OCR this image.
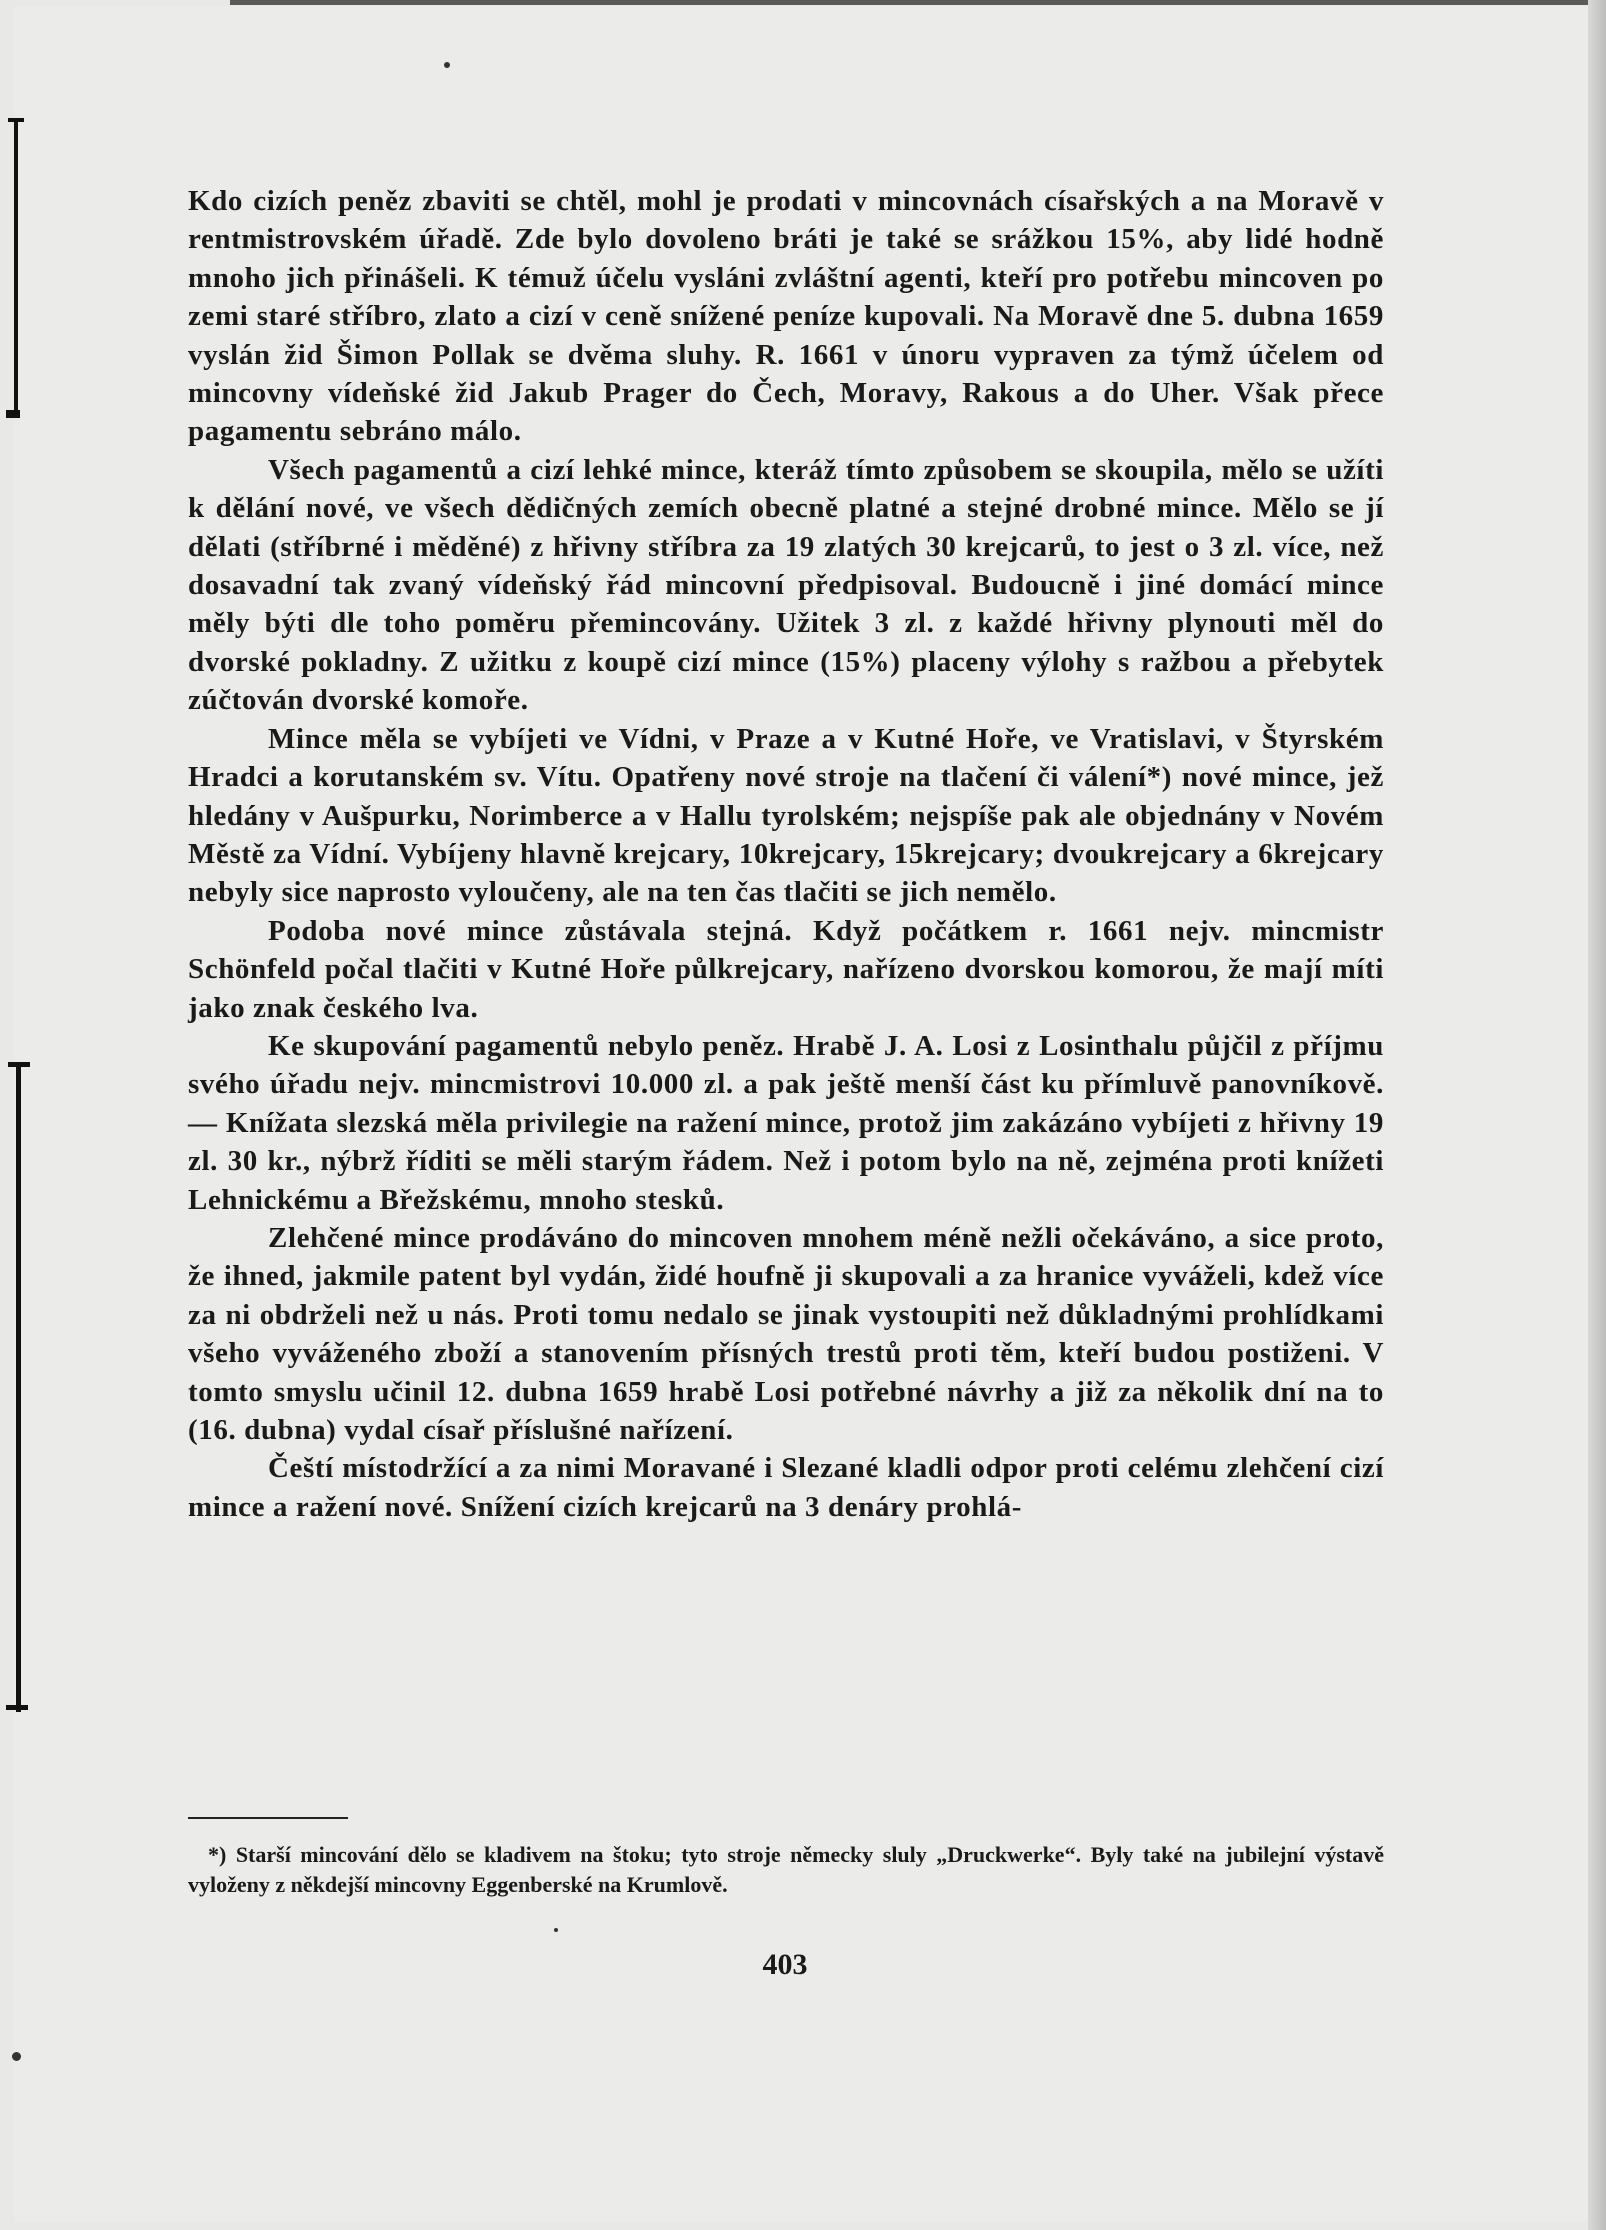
Kdo cizích peněz zbaviti se chtěl, mohl je prodati v mincovnách císařských a na Moravě v rentmistrovském úřadě. Zde bylo dovoleno bráti je také se srážkou 15%, aby lidé hodně mnoho jich přinášeli. K témuž účelu vysláni zvláštní agenti, kteří pro potřebu mincoven po zemi staré stříbro, zlato a cizí v ceně snížené peníze kupovali. Na Moravě dne 5. dubna 1659 vyslán žid Šimon Pollak se dvěma sluhy. R. 1661 v únoru vypraven za týmž účelem od mincovny vídeňské žid Jakub Prager do Čech, Moravy, Rakous a do Uher. Však přece pagamentu sebráno málo.

Všech pagamentů a cizí lehké mince, kteráž tímto způsobem se skoupila, mělo se užíti k dělání nové, ve všech dědičných zemích obecně platné a stejné drobné mince. Mělo se jí dělati (stříbrné i měděné) z hřivny stříbra za 19 zlatých 30 krejcarů, to jest o 3 zl. více, než dosavadní tak zvaný vídeňský řád mincovní předpisoval. Budoucně i jiné domácí mince měly býti dle toho poměru přemincovány. Užitek 3 zl. z každé hřivny plynouti měl do dvorské pokladny. Z užitku z koupě cizí mince (15%) placeny výlohy s ražbou a přebytek zúčtován dvorské komoře.

Mince měla se vybíjeti ve Vídni, v Praze a v Kutné Hoře, ve Vratislavi, v Štyrském Hradci a korutanském sv. Vítu. Opatřeny nové stroje na tlačení či válení*) nové mince, jež hledány v Aušpurku, Norimberce a v Hallu tyrolském; nejspíše pak ale objednány v Novém Městě za Vídní. Vybíjeny hlavně krejcary, 10krejcary, 15krejcary; dvoukrejcary a 6krejcary nebyly sice naprosto vyloučeny, ale na ten čas tlačiti se jich nemělo.

Podoba nové mince zůstávala stejná. Když počátkem r. 1661 nejv. mincmistr Schönfeld počal tlačiti v Kutné Hoře půlkrejcary, nařízeno dvorskou komorou, že mají míti jako znak českého lva.

Ke skupování pagamentů nebylo peněz. Hrabě J. A. Losi z Losinthalu půjčil z příjmu svého úřadu nejv. mincmistrovi 10.000 zl. a pak ještě menší část ku přímluvě panovníkově. — Knížata slezská měla privilegie na ražení mince, protož jim zakázáno vybíjeti z hřivny 19 zl. 30 kr., nýbrž říditi se měli starým řádem. Než i potom bylo na ně, zejména proti knížeti Lehnickému a Břežskému, mnoho stesků.

Zlehčené mince prodáváno do mincoven mnohem méně nežli očekáváno, a sice proto, že ihned, jakmile patent byl vydán, židé houfně ji skupovali a za hranice vyváželi, kdež více za ni obdrželi než u nás. Proti tomu nedalo se jinak vystoupiti než důkladnými prohlídkami všeho vyváženého zboží a stanovením přísných trestů proti těm, kteří budou postiženi. V tomto smyslu učinil 12. dubna 1659 hrabě Losi potřebné návrhy a již za několik dní na to (16. dubna) vydal císař příslušné nařízení.

Čeští místodržící a za nimi Moravané i Slezané kladli odpor proti celému zlehčení cizí mince a ražení nové. Snížení cizích krejcarů na 3 denáry prohlá-

*) Starší mincování dělo se kladivem na štoku; tyto stroje německy sluly „Druckwerke“. Byly také na jubilejní výstavě vyloženy z někdejší mincovny Eggenberské na Krumlově.

403
